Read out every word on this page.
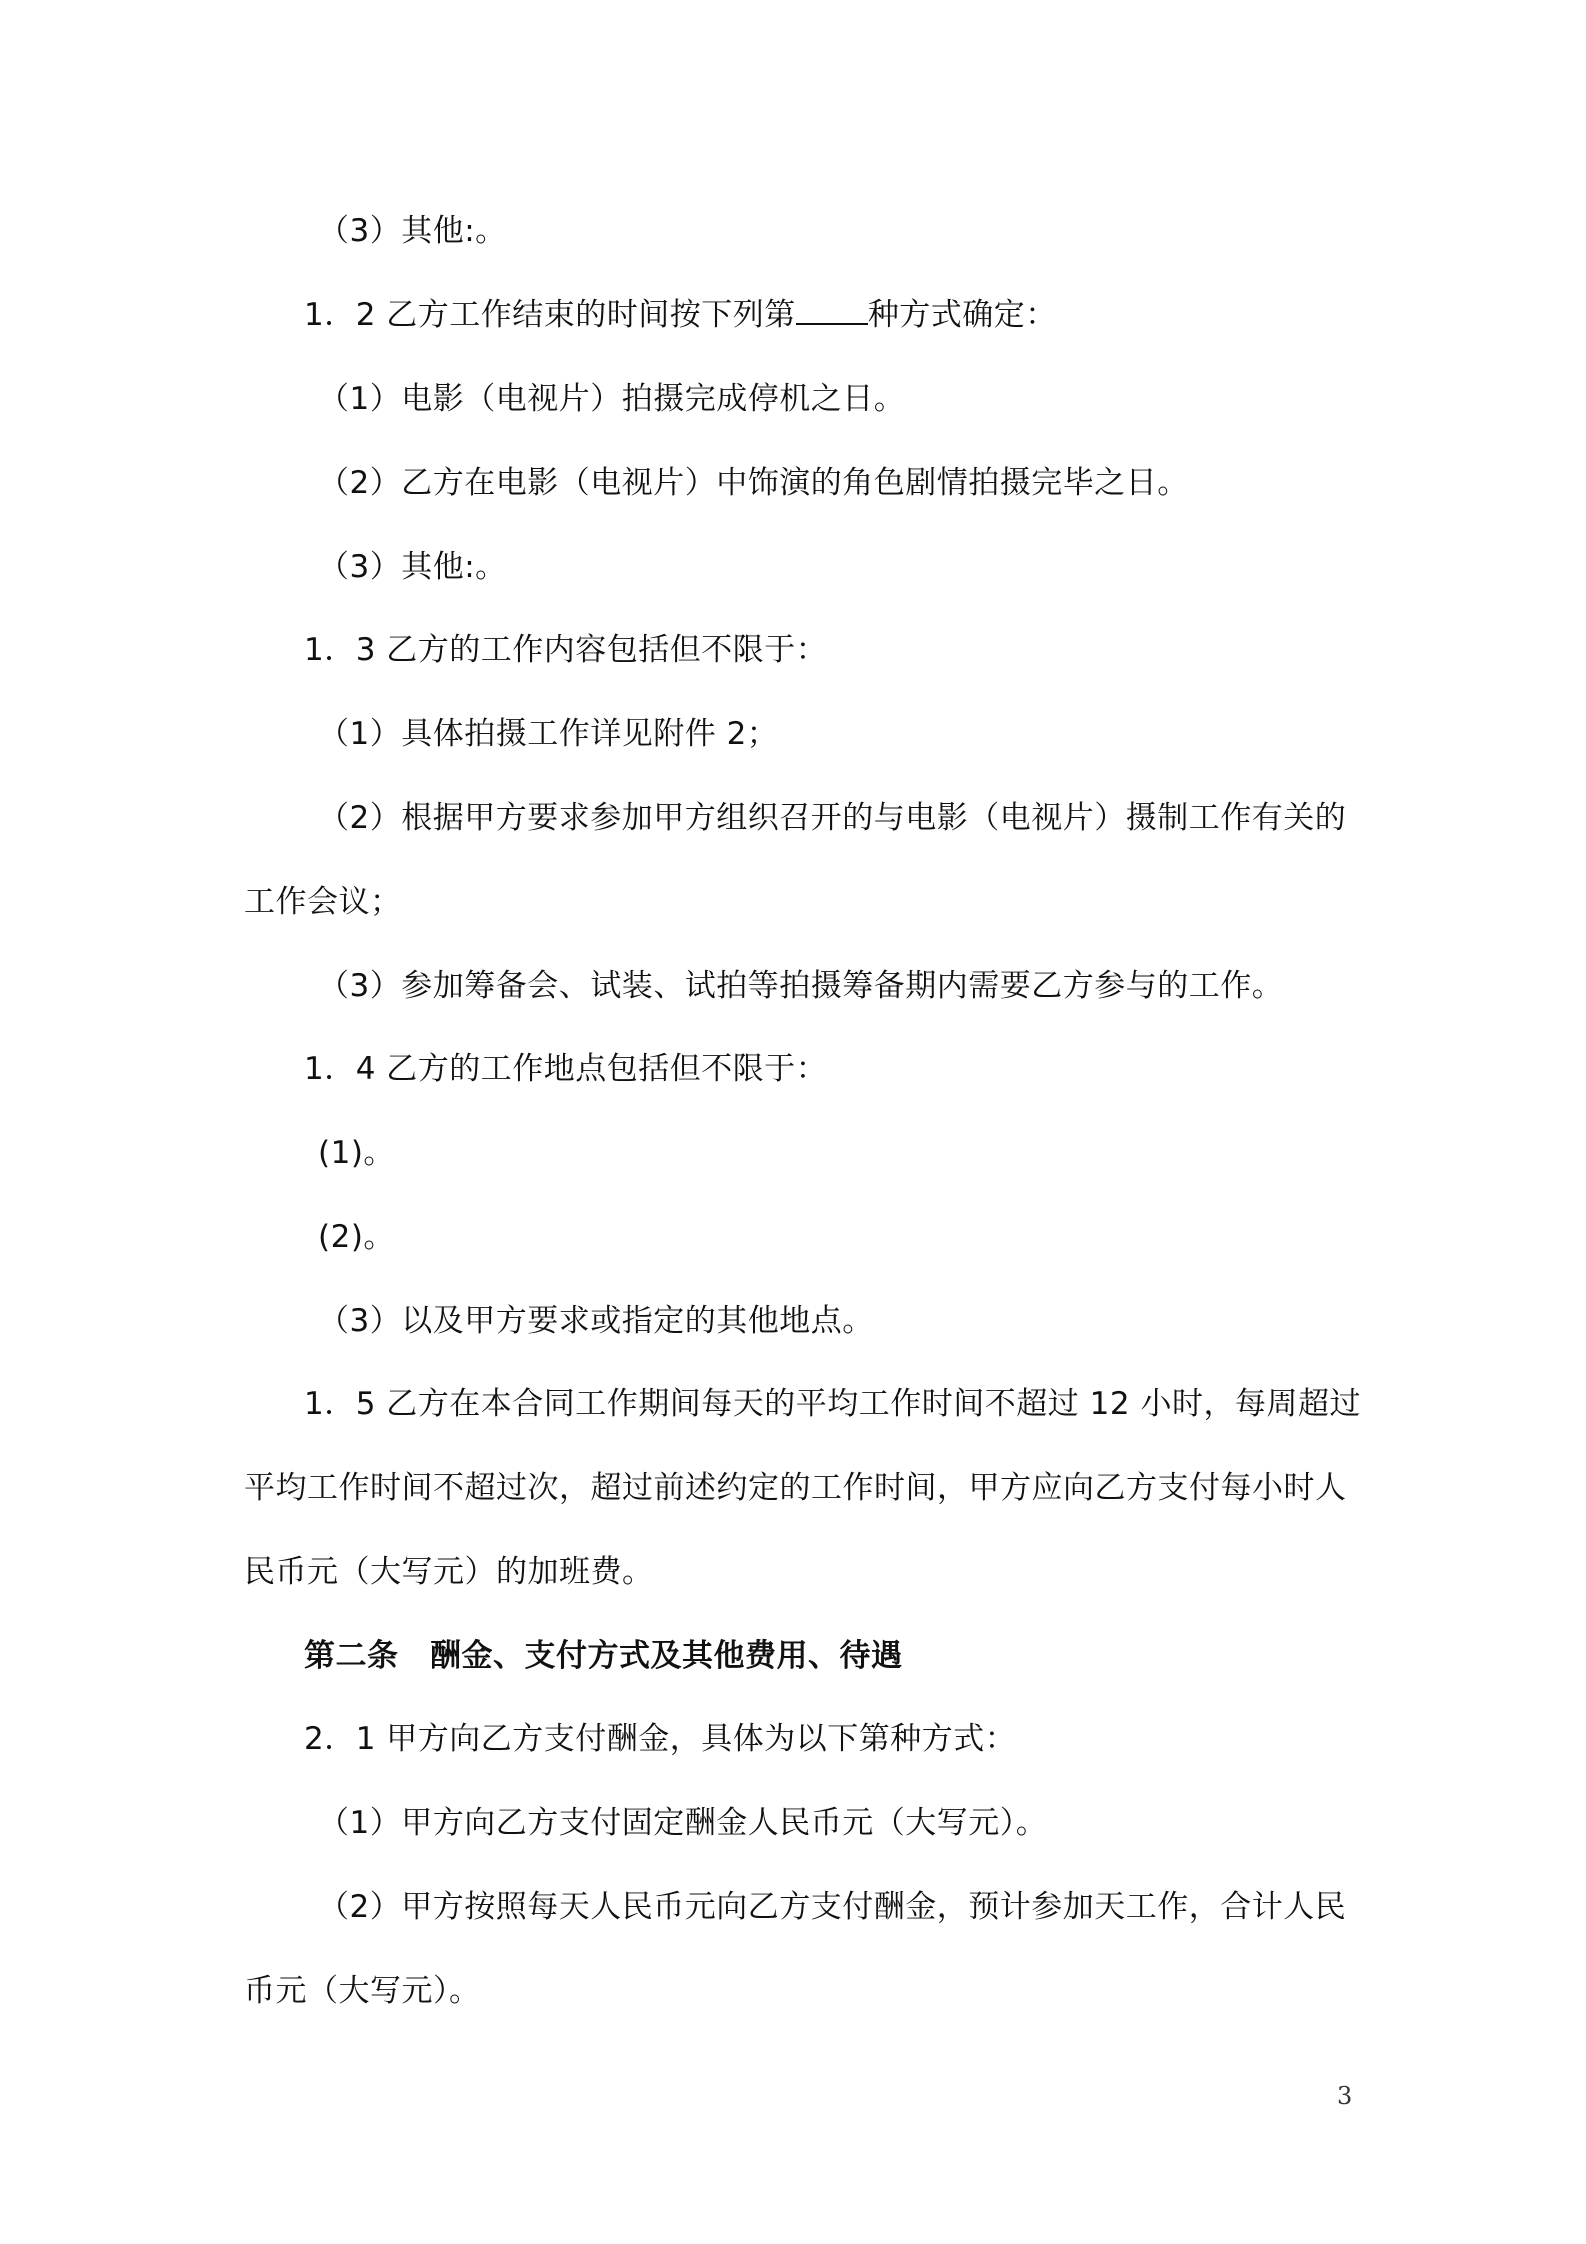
（3）其他:。
1．2 乙方工作结束的时间按下列第 种方式确定：
（1）电影（电视片）拍摄完成停机之日。
（2）乙方在电影（电视片）中饰演的角色剧情拍摄完毕之日。
（3）其他:。
1．3 乙方的工作内容包括但不限于：
（1）具体拍摄工作详见附件 2；
（2）根据甲方要求参加甲方组织召开的与电影（电视片）摄制工作有关的
工作会议；
（3）参加筹备会、试装、试拍等拍摄筹备期内需要乙方参与的工作。
1．4 乙方的工作地点包括但不限于：
(1)。
(2)。
（3）以及甲方要求或指定的其他地点。
1．5 乙方在本合同工作期间每天的平均工作时间不超过 12 小时，每周超过
平均工作时间不超过次，超过前述约定的工作时间，甲方应向乙方支付每小时人
民币元（大写元）的加班费。
第二条　酬金、支付方式及其他费用、待遇
2．1 甲方向乙方支付酬金，具体为以下第种方式：
（1）甲方向乙方支付固定酬金人民币元（大写元）。
（2）甲方按照每天人民币元向乙方支付酬金，预计参加天工作，合计人民
币元（大写元）。
3
